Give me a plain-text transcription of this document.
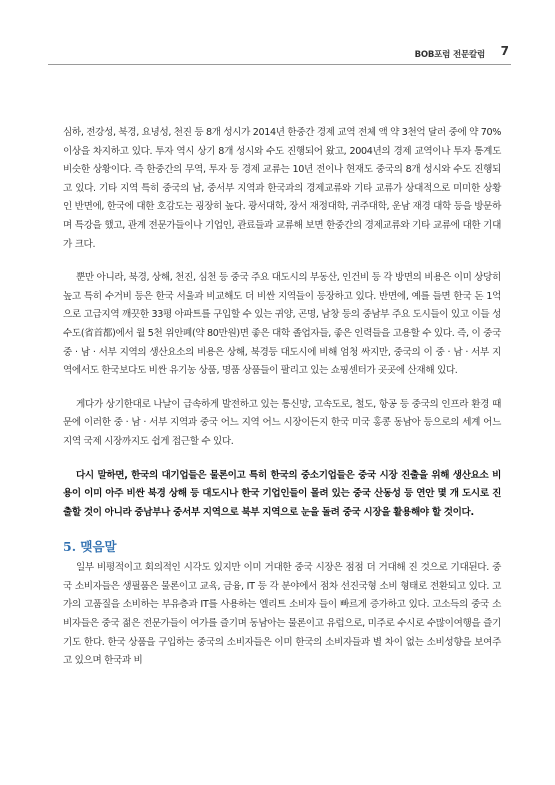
BOB포럼 전문칼럼 7

심하, 전강성, 북경, 요녕성, 천진 등 8개 성시가 2014년 한중간 경제 교역 전체 액 약 3천억 달러 중에 약 70% 이상을 차지하고 있다. 투자 역시 상기 8개 성시와 수도 진행되어 왔고, 2004년의 경제 교역이나 투자 통계도 비슷한 상황이다. 즉 한중간의 무역, 투자 등 경제 교류는 10년 전이나 현재도 중국의 8개 성시와 수도 진행되고 있다. 기타 지역 특히 중국의 남, 중서부 지역과 한국과의 경제교류와 기타 교류가 상대적으로 미미한 상황인 반면에, 한국에 대한 호감도는 굉장히 높다. 광서대학, 장서 재정대학, 귀주대학, 운남 재경 대학 등을 방문하며 특강을 했고, 관계 전문가들이나 기업인, 관료들과 교류해 보면 한중간의 경제교류와 기타 교류에 대한 기대가 크다.

뿐만 아니라, 북경, 상해, 천진, 심천 등 중국 주요 대도시의 부동산, 인건비 등 각 방면의 비용은 이미 상당히 높고 특히 수거비 등은 한국 서울과 비교해도 더 비싼 지역들이 등장하고 있다. 반면에, 예를 들면 한국 돈 1억으로 고급지역 깨끗한 33평 아파트를 구입할 수 있는 귀양, 곤명, 남창 등의 중남부 주요 도시들이 있고 이들 성수도(省首都)에서 월 5천 위안폐(약 80만원)면 좋은 대학 졸업자들, 좋은 인력들을 고용할 수 있다. 즉, 이 중국 중 · 남 · 서부 지역의 생산요소의 비용은 상해, 북경등 대도시에 비해 엄청 싸지만, 중국의 이 중 · 남 · 서부 지역에서도 한국보다도 비싼 유기농 상품, 명품 상품들이 팔리고 있는 쇼핑센터가 곳곳에 산재해 있다.

게다가 상기한대로 나날이 급속하게 발전하고 있는 통신망, 고속도로, 철도, 항공 등 중국의 인프라 환경 때문에 이러한 중 · 남 · 서부 지역과 중국 어느 지역 어느 시장이든지 한국 미국 홍콩 동남아 등으로의 세계 어느 지역 국제 시장까지도 쉽게 접근할 수 있다.

다시 말하면, 한국의 대기업들은 물론이고 특히 한국의 중소기업들은 중국 시장 진출을 위해 생산요소 비용이 이미 아주 비싼 북경 상해 등 대도시나 한국 기업인들이 몰려 있는 중국 산동성 등 연안 몇 개 도시로 진출할 것이 아니라 중남부나 중서부 지역으로 북부 지역으로 눈을 돌려 중국 시장을 활용해야 할 것이다.

5. 맺음말

일부 비평적이고 회의적인 시각도 있지만 이미 거대한 중국 시장은 점점 더 거대해 진 것으로 기대된다. 중국 소비자들은 생필품은 물론이고 교육, 금융, IT 등 각 분야에서 점차 선진국형 소비 형태로 전환되고 있다. 고가의 고품질을 소비하는 부유층과 IT를 사용하는 엘리트 소비자 들이 빠르게 증가하고 있다. 고소득의 중국 소비자들은 중국 젊은 전문가들이 여가를 즐기며 동남아는 물론이고 유럽으로, 미주로 수시로 수많이여행을 즐기기도 한다. 한국 상품을 구입하는 중국의 소비자들은 이미 한국의 소비자들과 별 차이 없는 소비성향을 보여주고 있으며 한국과 비
